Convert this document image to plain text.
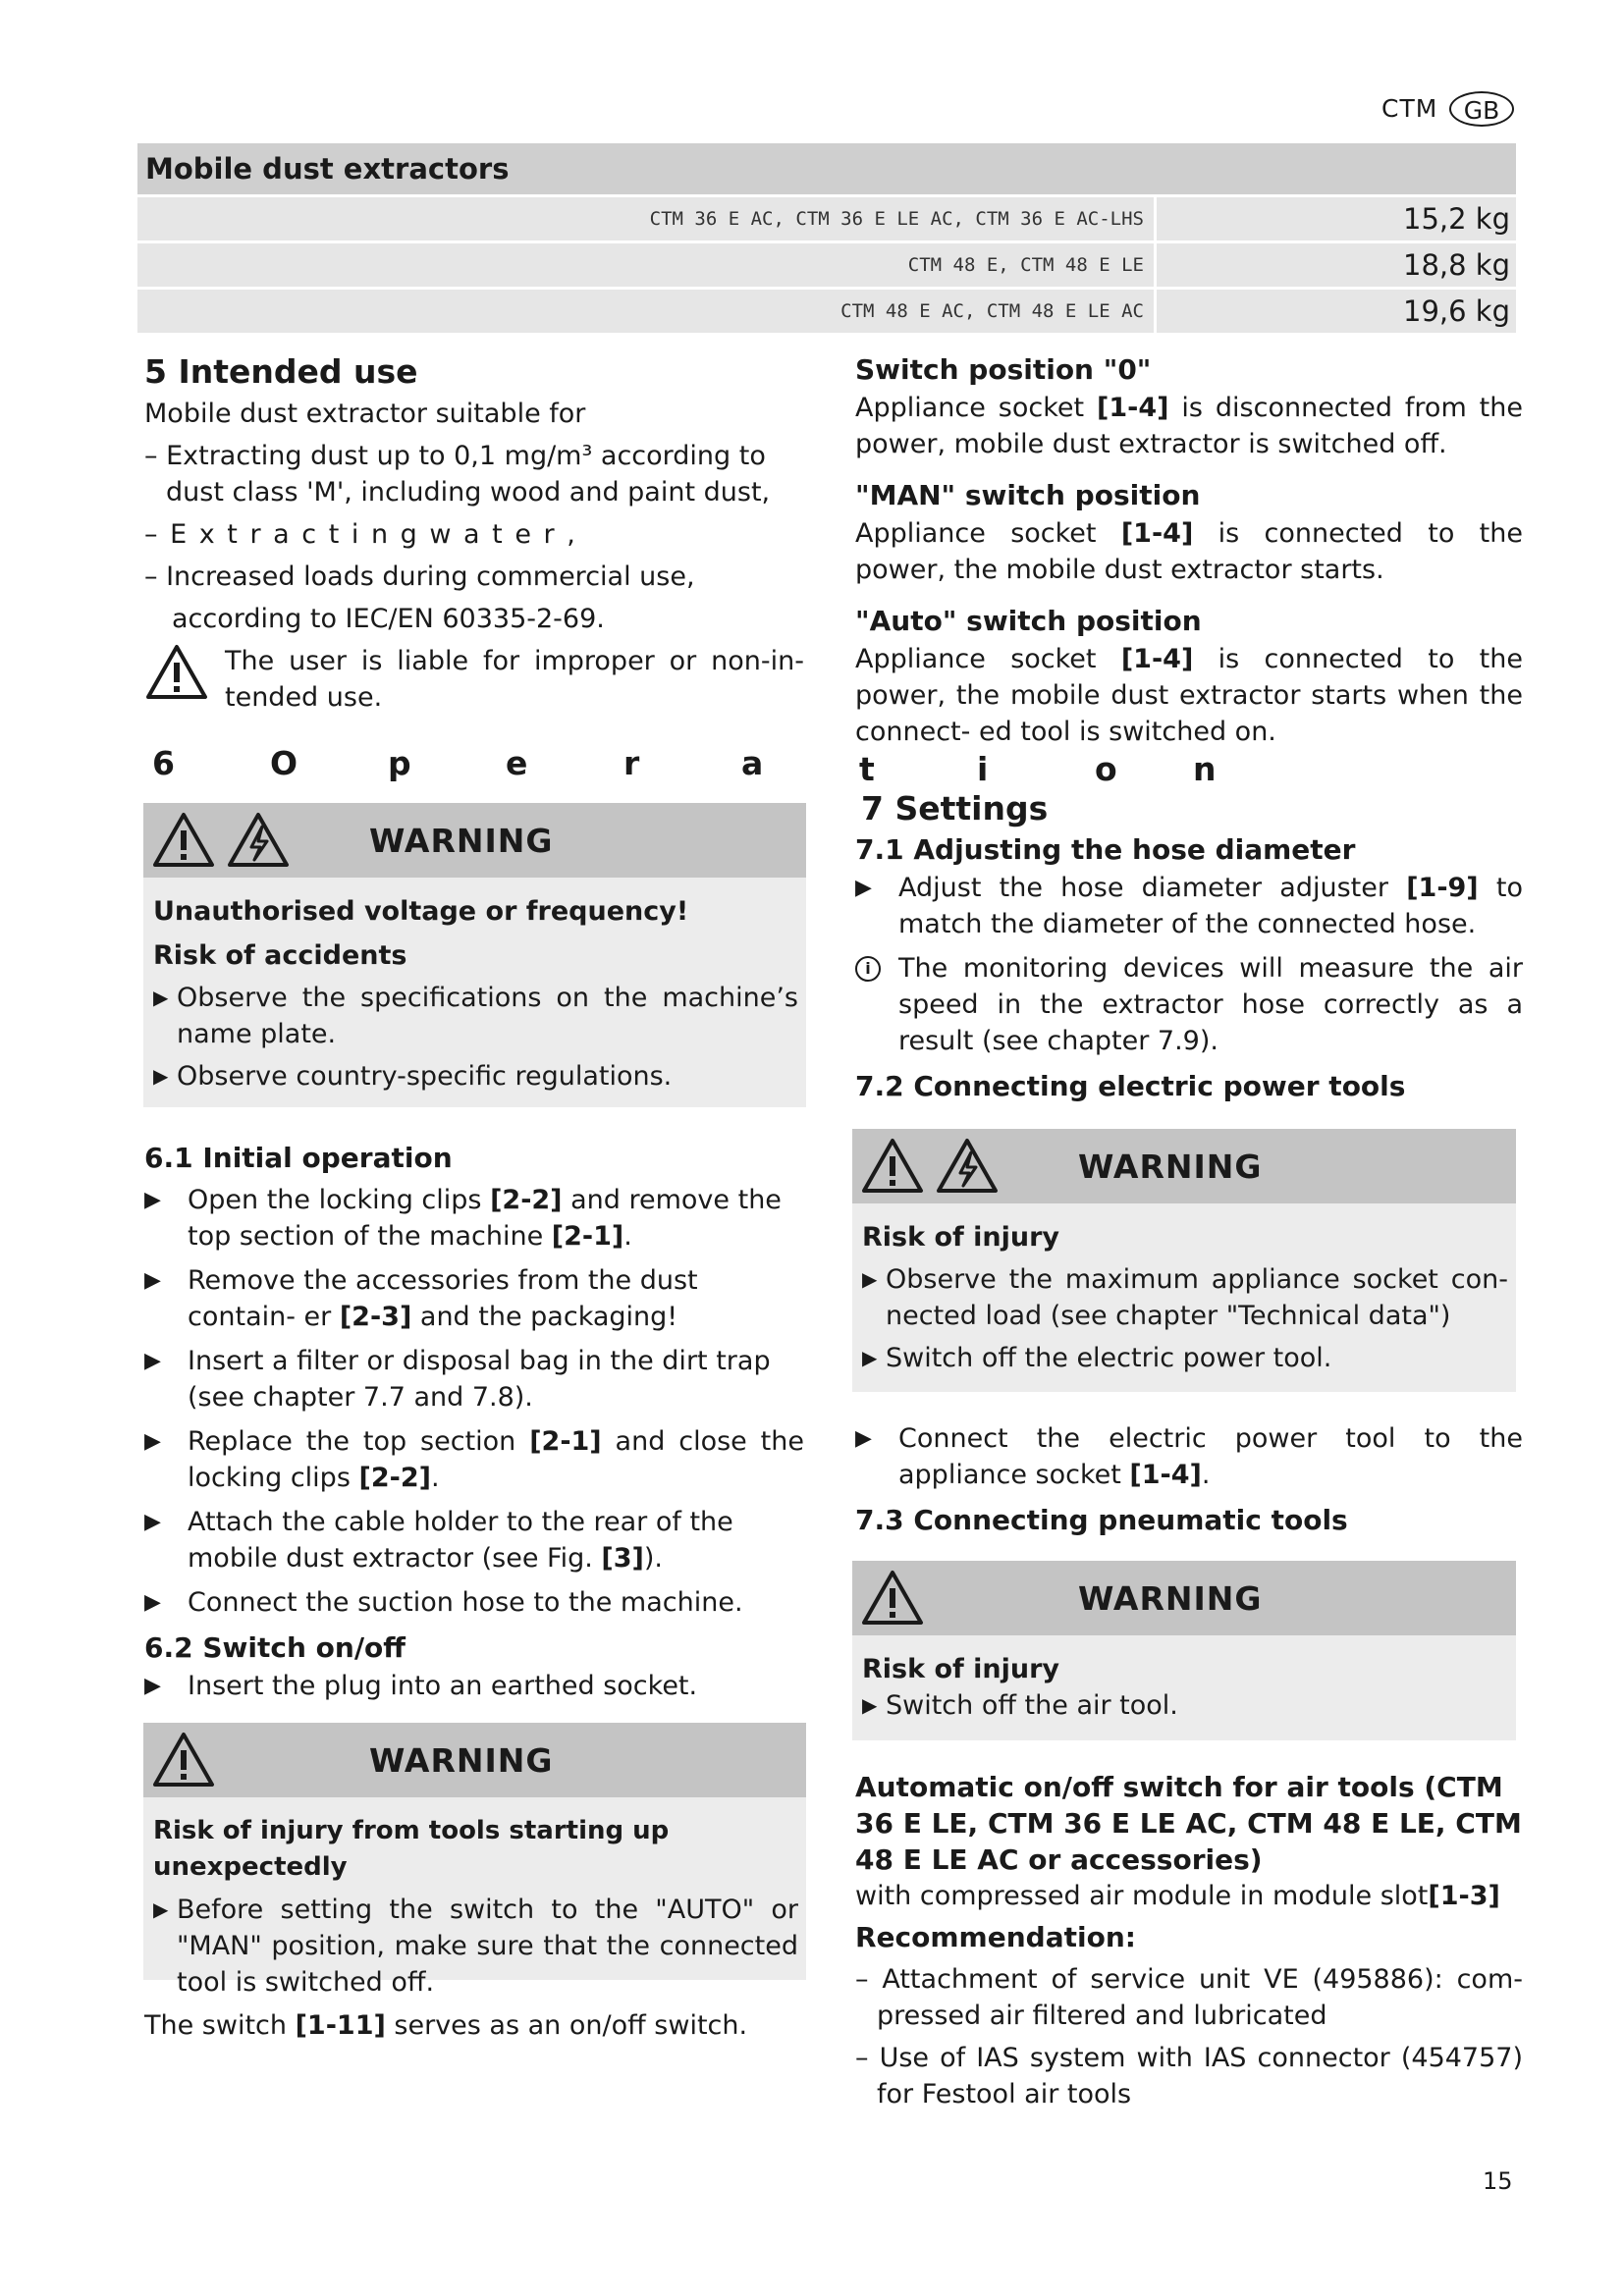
CTM	GB
Mobile dust extractors
CTM 36 E AC, CTM 36 E LE AC, CTM 36 E AC-LHS	15,2 kg
CTM 48 E, CTM 48 E LE	18,8 kg
CTM 48 E AC, CTM 48 E LE AC	19,6 kg

5 Intended use

Mobile dust extractor suitable for

– Extracting dust up to 0,1 mg/m³ according to dust class 'M', including wood and paint dust,

– E x t r a c t i n g w a t e r ,

– Increased loads during commercial use,

according to IEC/EN 60335-2-69.

The user is liable for improper or non-in- tended use.

6	O	p	e	r	a	t	i	o n
WARNING

Unauthorised voltage or frequency!

Risk of accidents

▶ Observe the specifications on the machine’s name plate.
▶ Observe country-specific regulations.

6.1 Initial operation

▶	Open the locking clips [2-2] and remove the top section of the machine [2-1].
▶	Remove the accessories from the dust contain- er [2-3] and the packaging!
▶	Insert a filter or disposal bag in the dirt trap (see chapter 7.7 and 7.8).
▶	Replace the top section [2-1] and close the locking clips [2-2].
▶	Attach the cable holder to the rear of the mobile dust extractor (see Fig. [3]).
▶	Connect the suction hose to the machine.

6.2 Switch on/off

▶	Insert the plug into an earthed socket.
WARNING

Risk of injury from tools starting up unexpectedly

▶ Before setting the switch to the "AUTO" or "MAN" position, make sure that the connected tool is switched off.

The switch [1-11] serves as an on/off switch.

Switch position "0"

Appliance socket [1-4] is disconnected from the power, mobile dust extractor is switched off.

"MAN" switch position

Appliance socket [1-4] is connected to the power, the mobile dust extractor starts.

"Auto" switch position

Appliance socket [1-4] is connected to the power, the mobile dust extractor starts when the connect- ed tool is switched on.

7 Settings

7.1 Adjusting the hose diameter

▶	Adjust the hose diameter adjuster [1-9] to match the diameter of the connected hose.
i	The monitoring devices will measure the air speed in the extractor hose correctly as a result (see chapter 7.9).

7.2 Connecting electric power tools

WARNING

Risk of injury

▶ Observe the maximum appliance socket con- nected load (see chapter "Technical data")
▶ Switch off the electric power tool.
▶	Connect the electric power tool to the appliance socket [1-4].

7.3 Connecting pneumatic tools

WARNING

Risk of injury

▶ Switch off the air tool.

Automatic on/off switch for air tools (CTM 36 E LE, CTM 36 E LE AC, CTM 48 E LE, CTM 48 E LE AC or accessories)

with compressed air module in module slot[1-3]

Recommendation:

– Attachment of service unit VE (495886): com- pressed air filtered and lubricated

– Use of IAS system with IAS connector (454757) for Festool air tools

15
